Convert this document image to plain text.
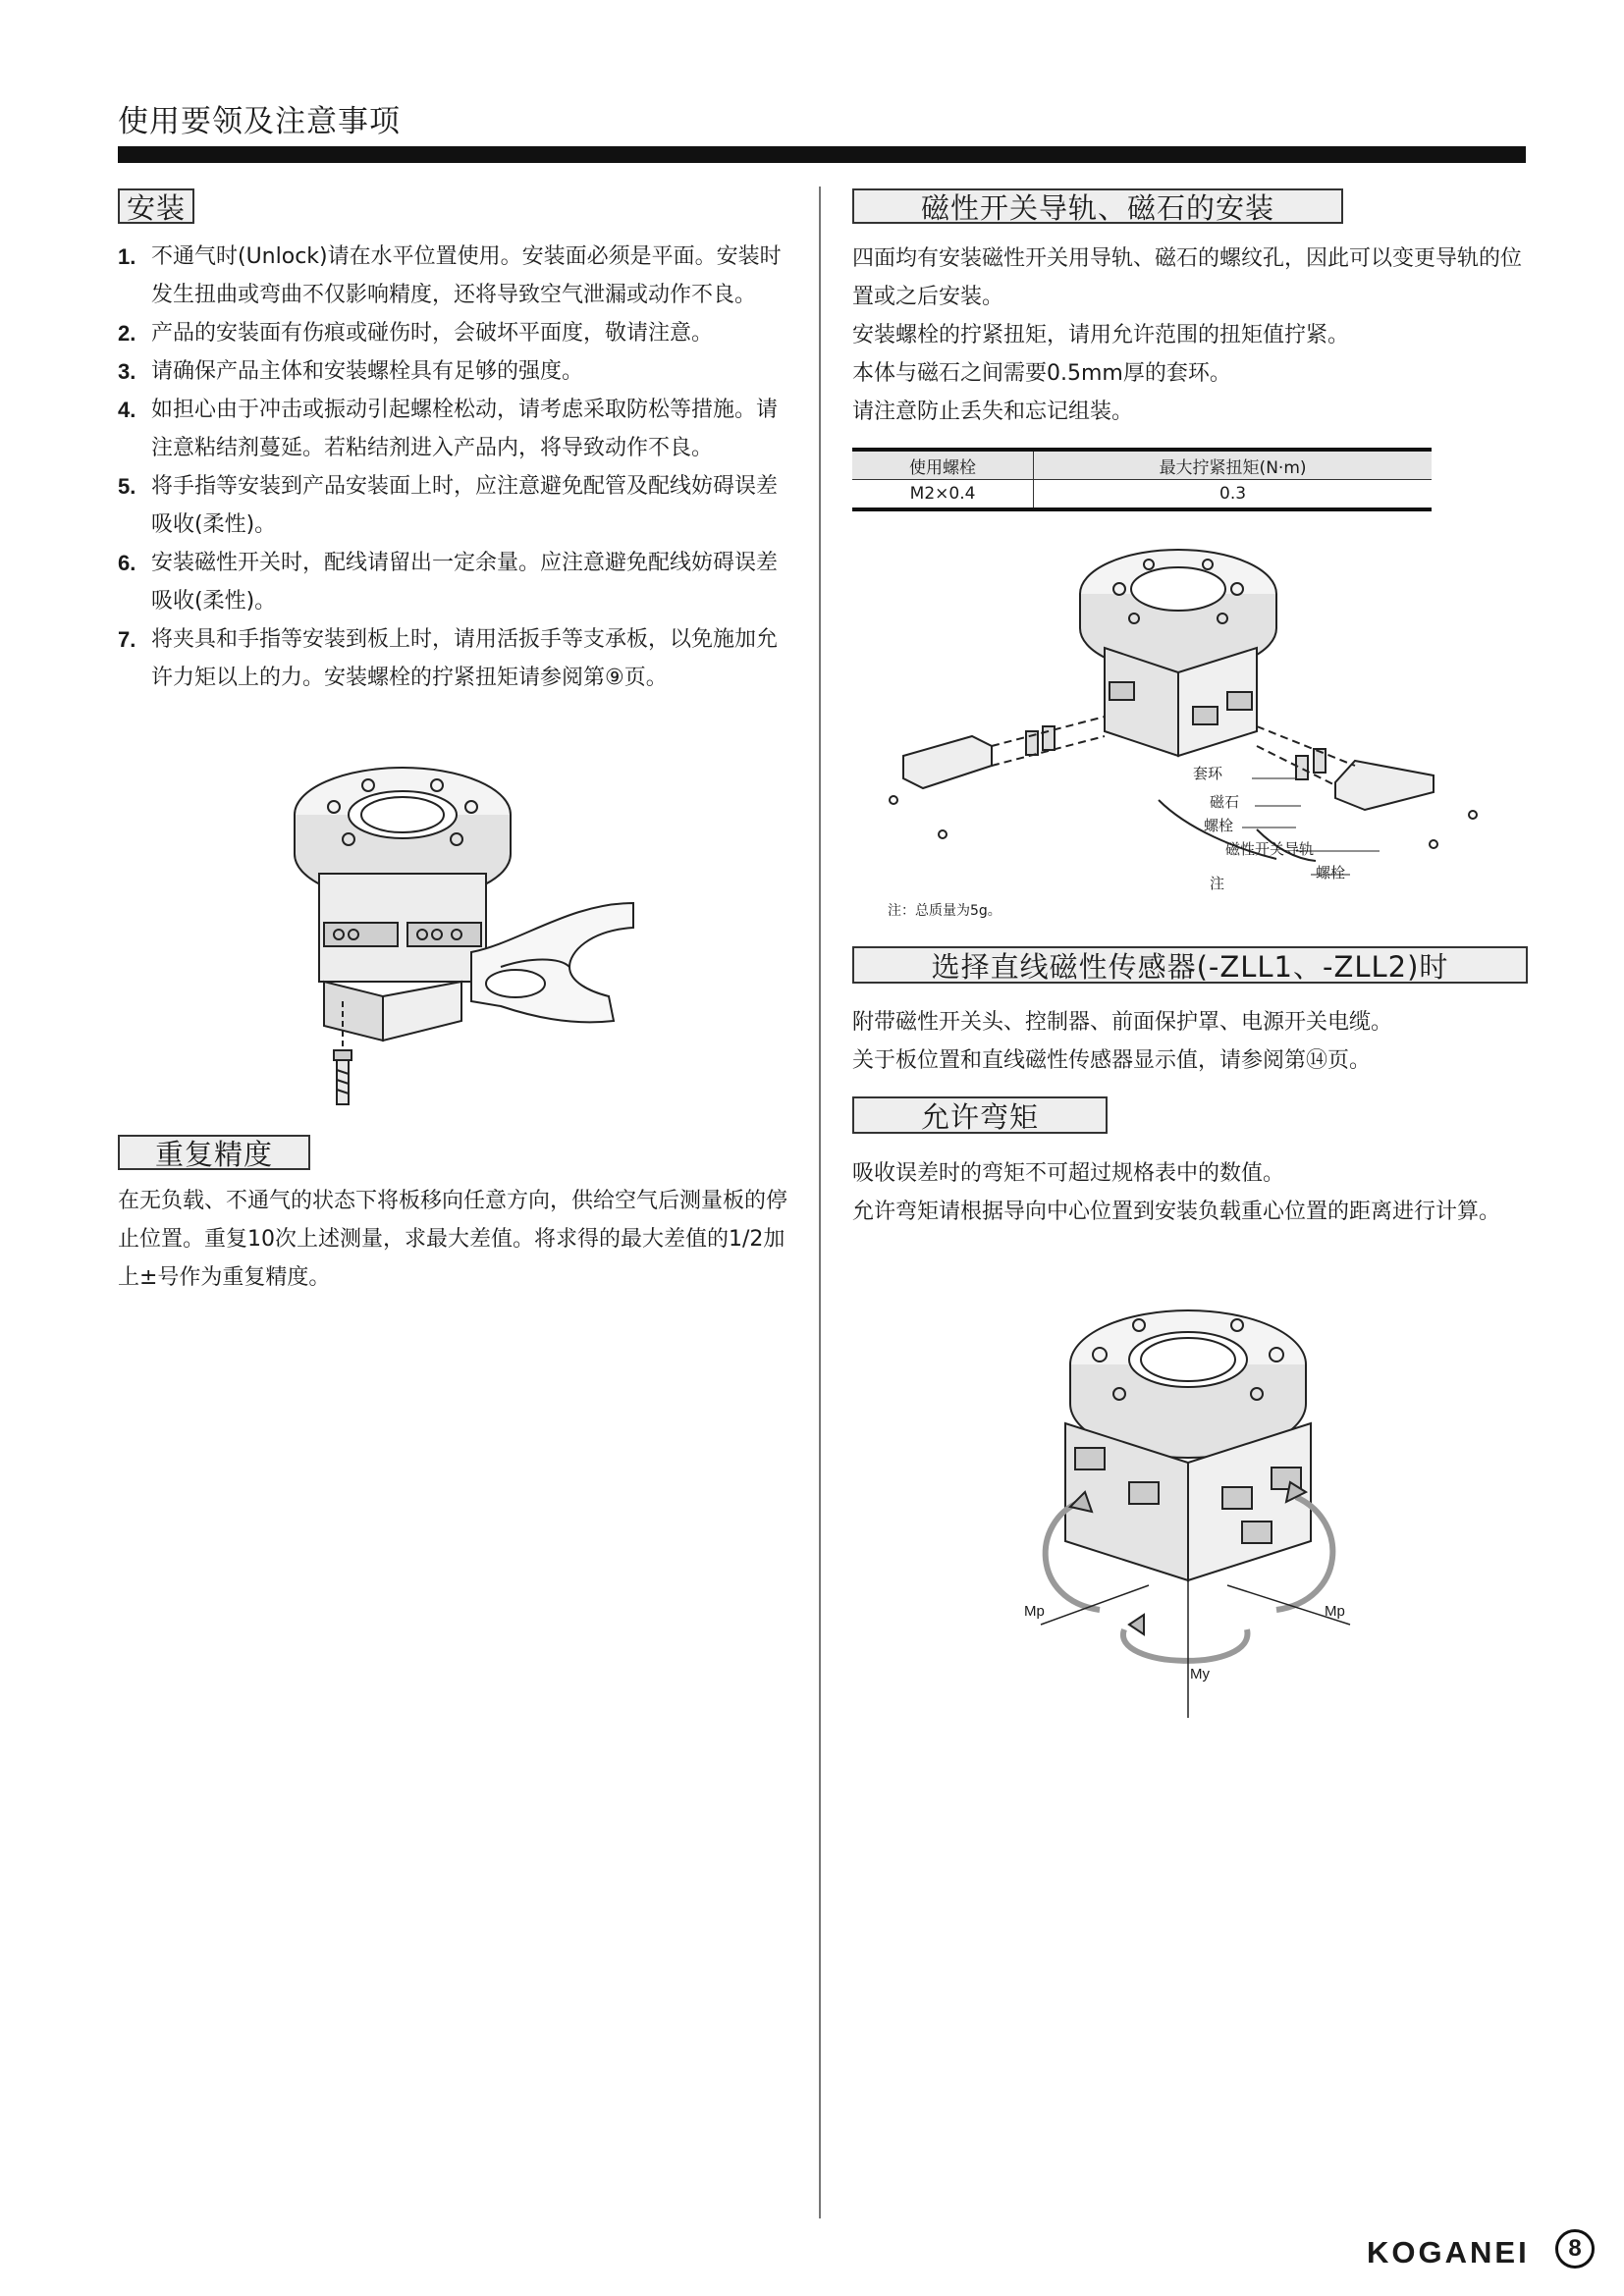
使用要领及注意事项
安装
1. 不通气时(Unlock)请在水平位置使用。安装面必须是平面。安装时发生扭曲或弯曲不仅影响精度，还将导致空气泄漏或动作不良。
2. 产品的安装面有伤痕或碰伤时，会破坏平面度，敬请注意。
3. 请确保产品主体和安装螺栓具有足够的强度。
4. 如担心由于冲击或振动引起螺栓松动，请考虑采取防松等措施。请注意粘结剂蔓延。若粘结剂进入产品内，将导致动作不良。
5. 将手指等安装到产品安装面上时，应注意避免配管及配线妨碍误差吸收(柔性)。
6. 安装磁性开关时，配线请留出一定余量。应注意避免配线妨碍误差吸收(柔性)。
7. 将夹具和手指等安装到板上时，请用活扳手等支承板，以免施加允许力矩以上的力。安装螺栓的拧紧扭矩请参阅第⑨页。
重复精度

在无负载、不通气的状态下将板移向任意方向，供给空气后测量板的停止位置。重复10次上述测量，求最大差值。将求得的最大差值的1/2加上±号作为重复精度。

磁性开关导轨、磁石的安装

四面均有安装磁性开关用导轨、磁石的螺纹孔，因此可以变更导轨的位置或之后安装。

安装螺栓的拧紧扭矩，请用允许范围的扭矩值拧紧。

本体与磁石之间需要0.5mm厚的套环。

请注意防止丢失和忘记组装。

使用螺栓	最大拧紧扭矩(N·m)
M2×0.4	0.3
套环
磁石
螺栓
磁性开关导轨
螺栓
注
注：总质量为5g。
选择直线磁性传感器(-ZLL1、-ZLL2)时

附带磁性开关头、控制器、前面保护罩、电源开关电缆。

关于板位置和直线磁性传感器显示值，请参阅第⑭页。

允许弯矩

吸收误差时的弯矩不可超过规格表中的数值。

允许弯矩请根据导向中心位置到安装负载重心位置的距离进行计算。

Mp	Mp
My
KOGANEI	8
